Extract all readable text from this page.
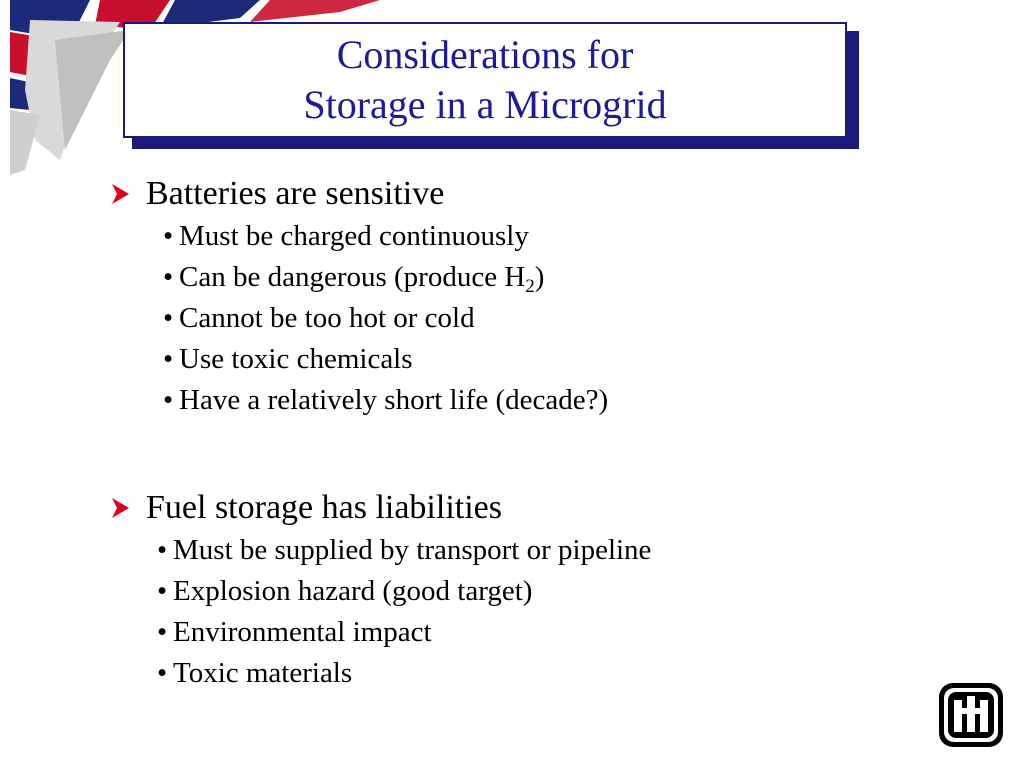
Considerations for
Storage in a Microgrid
Batteries are sensitive
• Must be charged continuously
• Can be dangerous (produce $H_2$)
• Cannot be too hot or cold
• Use toxic chemicals
• Have a relatively short life (decade?)
Fuel storage has liabilities
• Must be supplied by transport or pipeline
• Explosion hazard (good target)
• Environmental impact
• Toxic materials
